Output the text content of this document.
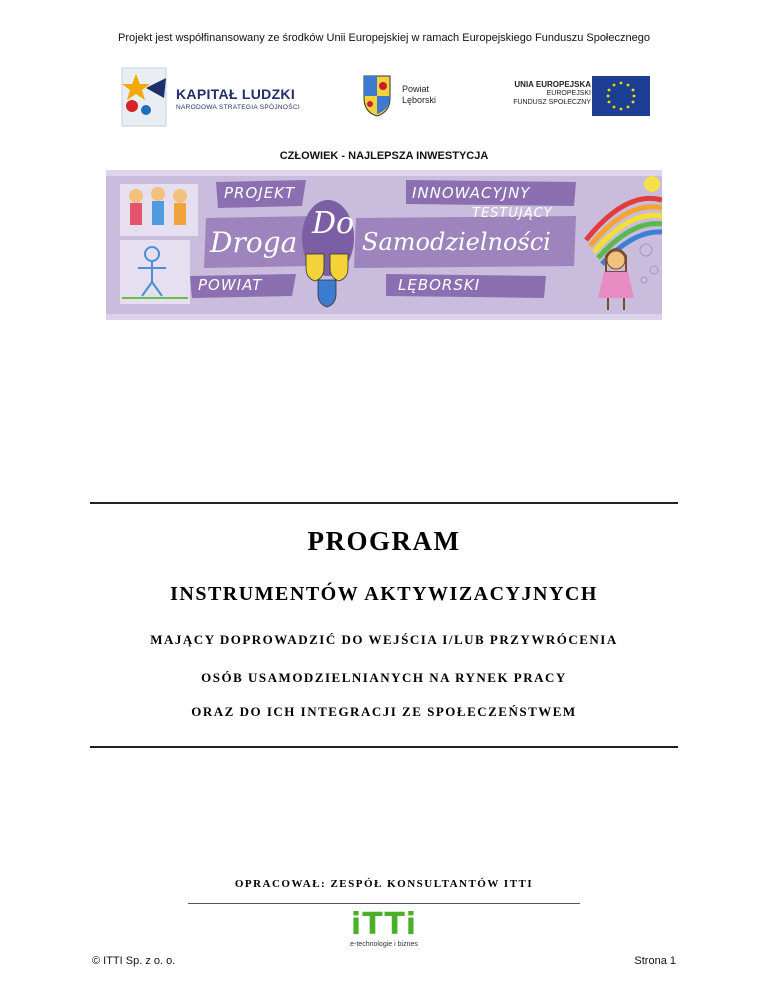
Projekt jest współfinansowany ze środków Unii Europejskiej w ramach Europejskiego Funduszu Społecznego
KAPITAŁ LUDZKI
NARODOWA STRATEGIA SPÓJNOŚCI
Powiat
Lęborski
UNIA EUROPEJSKA
EUROPEJSKI
FUNDUSZ SPOŁECZNY
CZŁOWIEK - NAJLEPSZA INWESTYCJA
PROJEKT	INNOWACYJNY
TESTUJĄCY
Droga
Do
Samodzielności
POWIAT	LĘBORSKI
PROGRAM
INSTRUMENTÓW AKTYWIZACYJNYCH
MAJĄCY DOPROWADZIĆ DO WEJŚCIA I/LUB PRZYWRÓCENIA
OSÓB USAMODZIELNIANYCH NA RYNEK PRACY
ORAZ DO ICH INTEGRACJI ZE SPOŁECZEŃSTWEM
OPRACOWAŁ: ZESPÓŁ KONSULTANTÓW ITTI
iTTi
e-technologie i biznes
© ITTI Sp. z o. o.	Strona 1
